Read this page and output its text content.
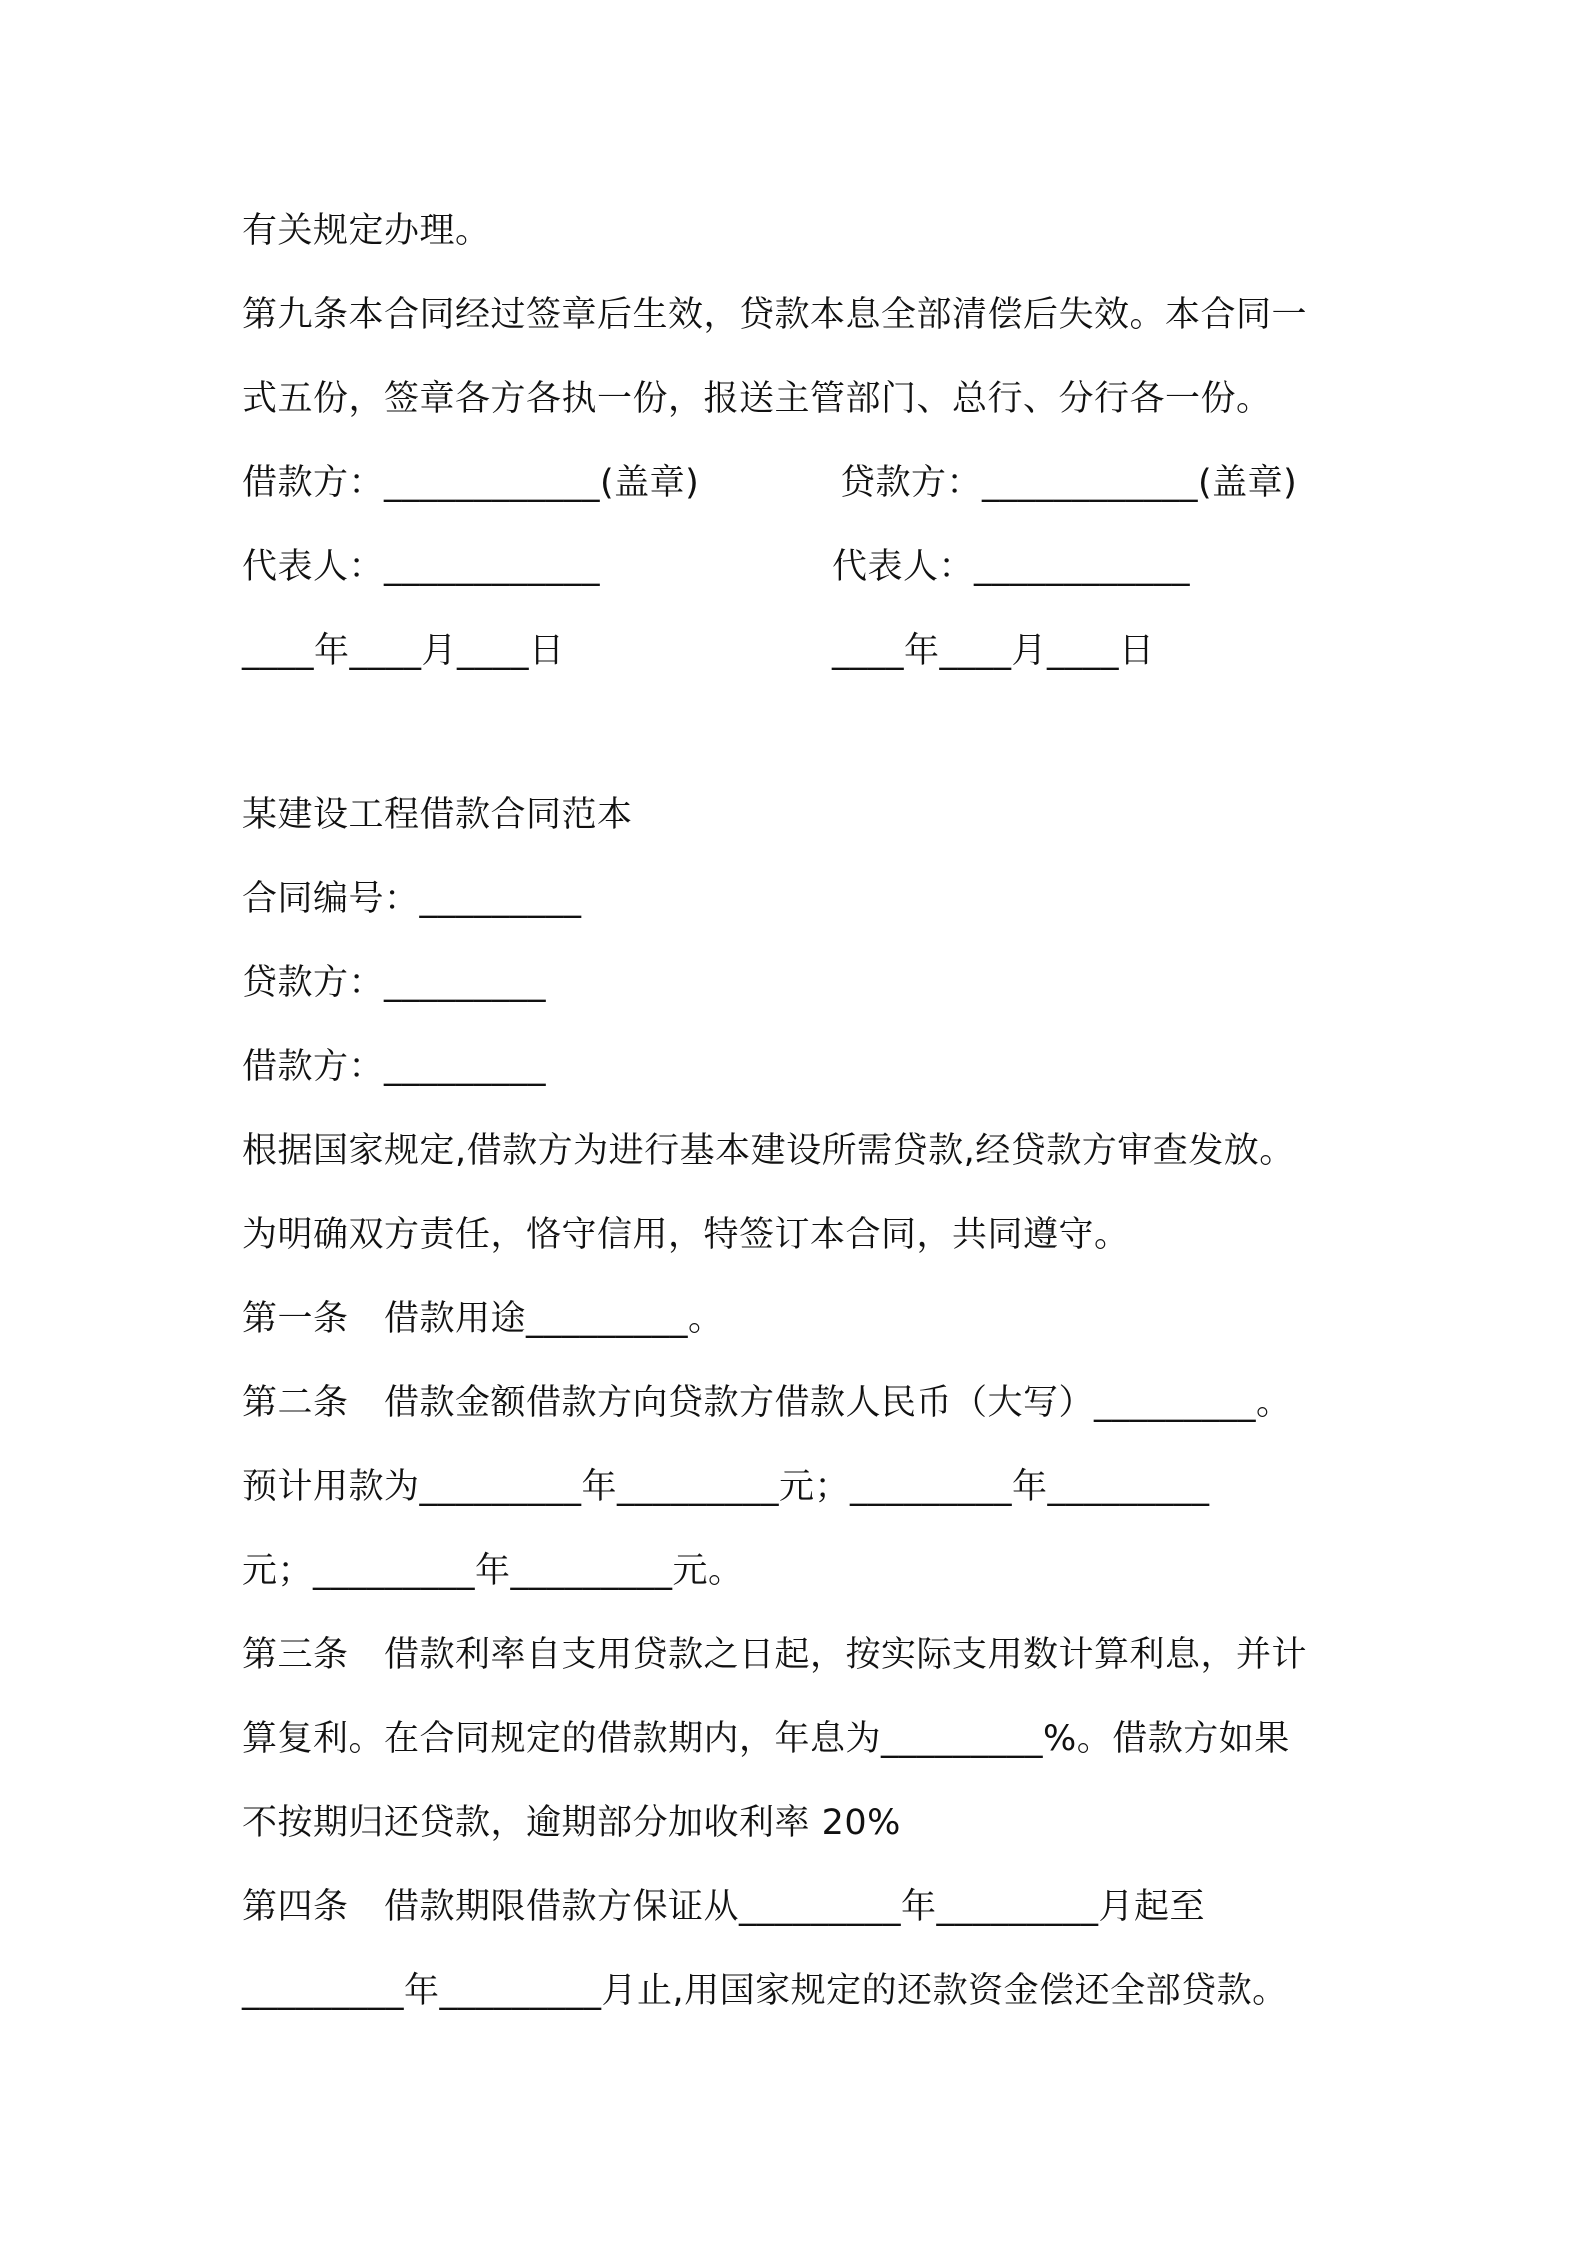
有关规定办理。
第九条本合同经过签章后生效，贷款本息全部清偿后失效。本合同一
式五份，签章各方各执一份，报送主管部门、总行、分行各一份。
借款方：____________(盖章)	贷款方：____________(盖章)
代表人：____________	代表人：____________
____年____月____日	____年____月____日
某建设工程借款合同范本
合同编号：_________
贷款方：_________
借款方：_________
根据国家规定,借款方为进行基本建设所需贷款,经贷款方审查发放。
为明确双方责任，恪守信用，特签订本合同，共同遵守。
第一条　借款用途_________。
第二条　借款金额借款方向贷款方借款人民币（大写）_________。
预计用款为_________年_________元；_________年_________
元；_________年_________元。
第三条　借款利率自支用贷款之日起，按实际支用数计算利息，并计
算复利。在合同规定的借款期内，年息为_________%。借款方如果
不按期归还贷款，逾期部分加收利率 20%
第四条　借款期限借款方保证从_________年_________月起至
_________年_________月止,用国家规定的还款资金偿还全部贷款。
